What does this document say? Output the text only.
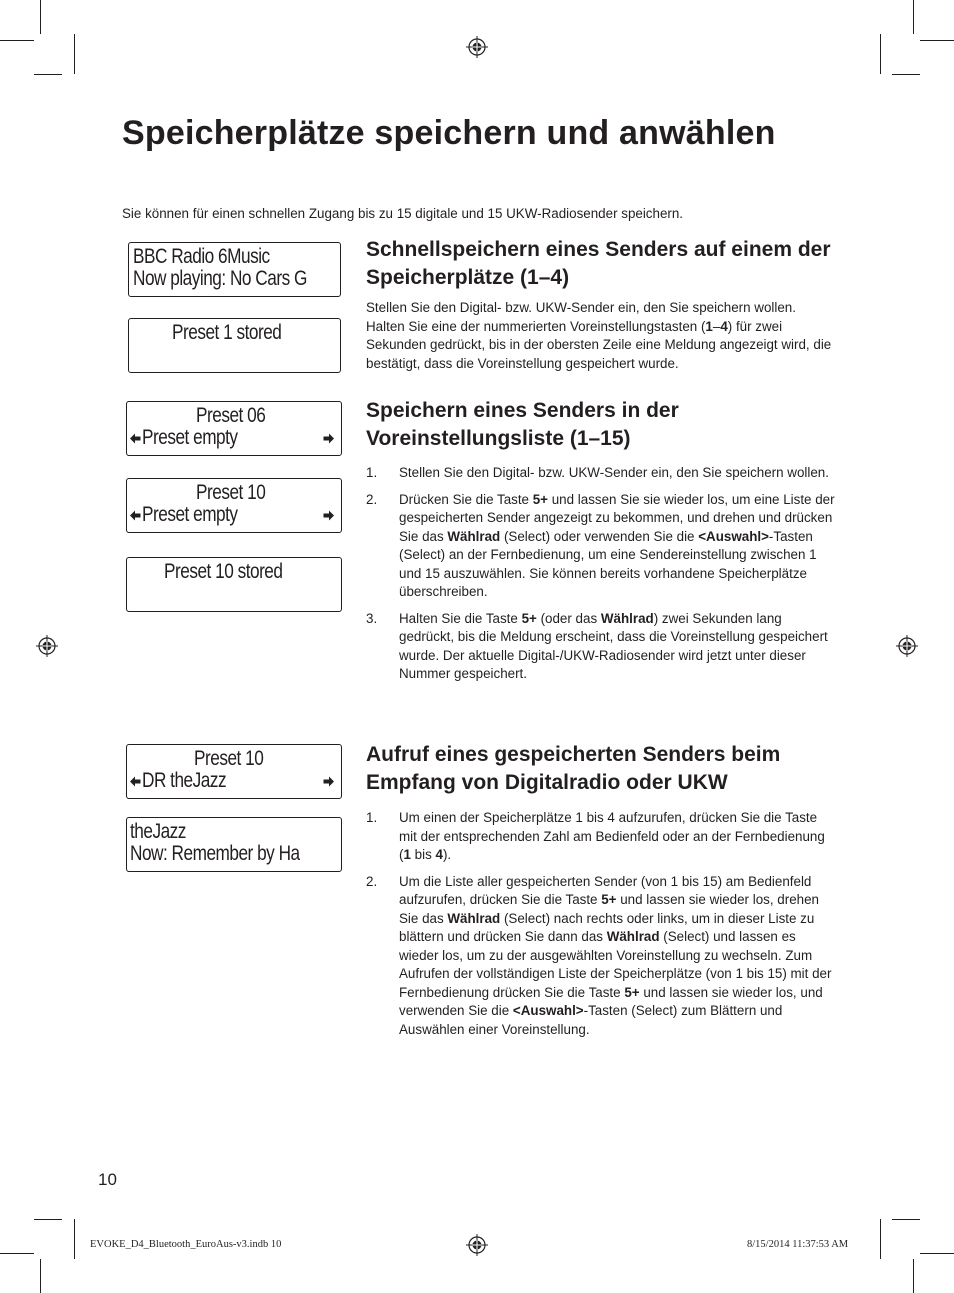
Speicherplätze speichern und anwählen

Sie können für einen schnellen Zugang bis zu 15 digitale und 15 UKW-Radiosender speichern.

BBC Radio 6Music
Now playing: No Cars G
Preset 1 stored
Preset 06
Preset empty
Preset 10
Preset empty
Preset 10 stored
Preset 10
DR theJazz
theJazz
Now: Remember by Ha
Schnellspeichern eines Senders auf einem der Speicherplätze (1–4)

Stellen Sie den Digital- bzw. UKW-Sender ein, den Sie speichern wollen. Halten Sie eine der nummerierten Voreinstellungstasten (1–4) für zwei Sekunden gedrückt, bis in der obersten Zeile eine Meldung angezeigt wird, die bestätigt, dass die Voreinstellung gespeichert wurde.

Speichern eines Senders in der Voreinstellungsliste (1–15)
1. Stellen Sie den Digital- bzw. UKW-Sender ein, den Sie speichern wollen.
2. Drücken Sie die Taste 5+ und lassen Sie sie wieder los, um eine Liste der gespeicherten Sender angezeigt zu bekommen, und drehen und drücken Sie das Wählrad (Select) oder verwenden Sie die <Auswahl>-Tasten (Select) an der Fernbedienung, um eine Sendereinstellung zwischen 1 und 15 auszuwählen. Sie können bereits vorhandene Speicherplätze überschreiben.
3. Halten Sie die Taste 5+ (oder das Wählrad) zwei Sekunden lang gedrückt, bis die Meldung erscheint, dass die Voreinstellung gespeichert wurde. Der aktuelle Digital-/UKW-Radiosender wird jetzt unter dieser Nummer gespeichert.
Aufruf eines gespeicherten Senders beim Empfang von Digitalradio oder UKW
1. Um einen der Speicherplätze 1 bis 4 aufzurufen, drücken Sie die Taste mit der entsprechenden Zahl am Bedienfeld oder an der Fernbedienung (1 bis 4).
2. Um die Liste aller gespeicherten Sender (von 1 bis 15) am Bedienfeld aufzurufen, drücken Sie die Taste 5+ und lassen sie wieder los, drehen Sie das Wählrad (Select) nach rechts oder links, um in dieser Liste zu blättern und drücken Sie dann das Wählrad (Select) und lassen es wieder los, um zu der ausgewählten Voreinstellung zu wechseln. Zum Aufrufen der vollständigen Liste der Speicherplätze (von 1 bis 15) mit der Fernbedienung drücken Sie die Taste 5+ und lassen sie wieder los, und verwenden Sie die <Auswahl>-Tasten (Select) zum Blättern und Auswählen einer Voreinstellung.
10
EVOKE_D4_Bluetooth_EuroAus-v3.indb 10	8/15/2014 11:37:53 AM
